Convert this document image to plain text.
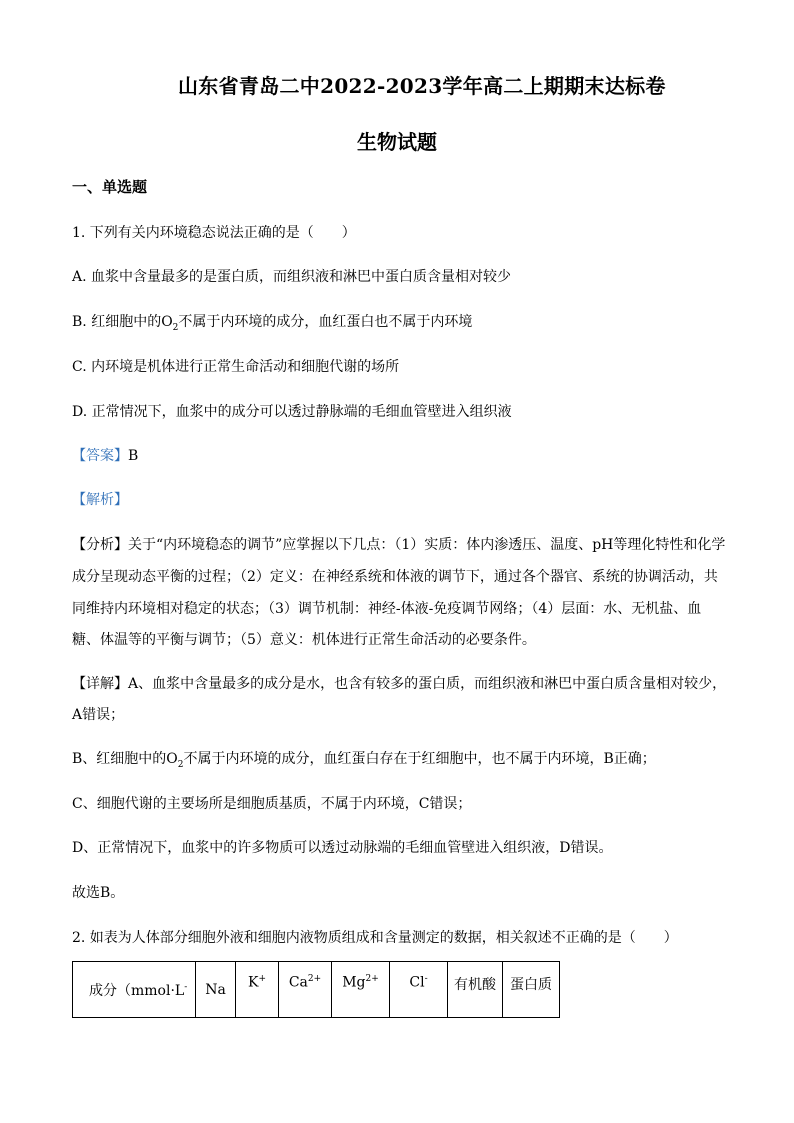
山东省青岛二中2022-2023学年高二上期期末达标卷
生物试题
一、单选题
1. 下列有关内环境稳态说法正确的是（　　）
A. 血浆中含量最多的是蛋白质，而组织液和淋巴中蛋白质含量相对较少
B. 红细胞中的$O_2$不属于内环境的成分，血红蛋白也不属于内环境
C. 内环境是机体进行正常生命活动和细胞代谢的场所
D. 正常情况下，血浆中的成分可以透过静脉端的毛细血管壁进入组织液
【答案】B
【解析】
【分析】关于“内环境稳态的调节”应掌握以下几点：（1）实质：体内渗透压、温度、pH等理化特性和化学
成分呈现动态平衡的过程；（2）定义：在神经系统和体液的调节下，通过各个器官、系统的协调活动，共
同维持内环境相对稳定的状态；（3）调节机制：神经-体液-免疫调节网络；（4）层面：水、无机盐、血
糖、体温等的平衡与调节；（5）意义：机体进行正常生命活动的必要条件。
【详解】A、血浆中含量最多的成分是水，也含有较多的蛋白质，而组织液和淋巴中蛋白质含量相对较少，
A错误；
B、红细胞中的$O_2$不属于内环境的成分，血红蛋白存在于红细胞中，也不属于内环境，B正确；
C、细胞代谢的主要场所是细胞质基质，不属于内环境，C错误；
D、正常情况下，血浆中的许多物质可以透过动脉端的毛细血管壁进入组织液，D错误。
故选B。
2. 如表为人体部分细胞外液和细胞内液物质组成和含量测定的数据，相关叙述不正确的是（　　）
成分（mmol·L-	Na	K+	$Ca^{2+}$	$Mg^{2+}$	Cl-	有机酸	蛋白质
